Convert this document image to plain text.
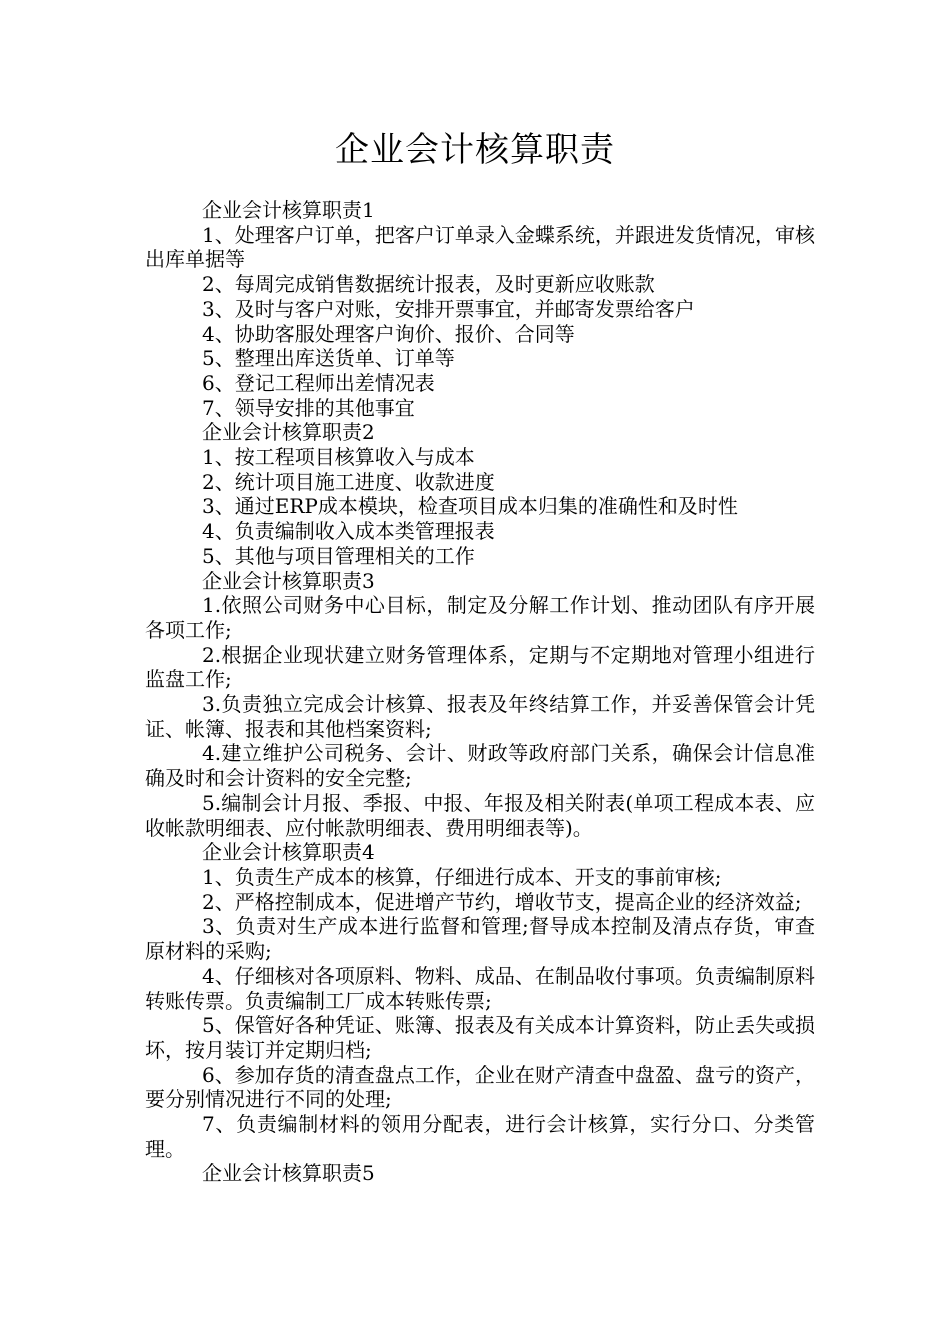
企业会计核算职责

企业会计核算职责1

1、处理客户订单，把客户订单录入金蝶系统，并跟进发货情况，审核出库单据等

2、每周完成销售数据统计报表，及时更新应收账款

3、及时与客户对账，安排开票事宜，并邮寄发票给客户

4、协助客服处理客户询价、报价、合同等

5、整理出库送货单、订单等

6、登记工程师出差情况表

7、领导安排的其他事宜

企业会计核算职责2

1、按工程项目核算收入与成本

2、统计项目施工进度、收款进度

3、通过ERP成本模块，检查项目成本归集的准确性和及时性

4、负责编制收入成本类管理报表

5、其他与项目管理相关的工作

企业会计核算职责3

1.依照公司财务中心目标，制定及分解工作计划、推动团队有序开展各项工作;

2.根据企业现状建立财务管理体系，定期与不定期地对管理小组进行监盘工作;

3.负责独立完成会计核算、报表及年终结算工作，并妥善保管会计凭证、帐簿、报表和其他档案资料;

4.建立维护公司税务、会计、财政等政府部门关系，确保会计信息准确及时和会计资料的安全完整;

5.编制会计月报、季报、中报、年报及相关附表(单项工程成本表、应收帐款明细表、应付帐款明细表、费用明细表等)。

企业会计核算职责4

1、负责生产成本的核算，仔细进行成本、开支的事前审核;

2、严格控制成本，促进增产节约，增收节支，提高企业的经济效益;

3、负责对生产成本进行监督和管理;督导成本控制及清点存货，审查原材料的采购;

4、仔细核对各项原料、物料、成品、在制品收付事项。负责编制原料转账传票。负责编制工厂成本转账传票;

5、保管好各种凭证、账簿、报表及有关成本计算资料，防止丢失或损坏，按月装订并定期归档;

6、参加存货的清查盘点工作，企业在财产清查中盘盈、盘亏的资产，要分别情况进行不同的处理;

7、负责编制材料的领用分配表，进行会计核算，实行分口、分类管理。

企业会计核算职责5
